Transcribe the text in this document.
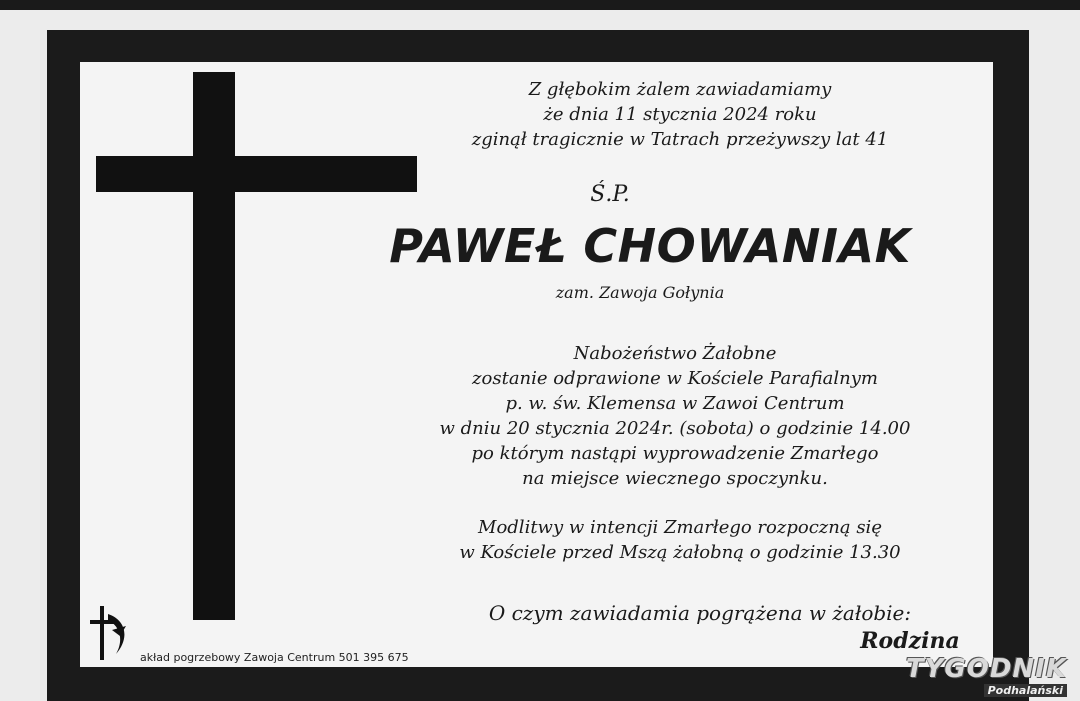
Z głębokim żalem zawiadamiamy
że dnia 11 stycznia 2024 roku
zginął tragicznie w Tatrach przeżywszy lat 41
Ś.P.
PAWEŁ CHOWANIAK
zam. Zawoja Gołynia
Nabożeństwo Żałobne
zostanie odprawione w Kościele Parafialnym
p. w. św. Klemensa w Zawoi Centrum
w dniu 20 stycznia 2024r. (sobota) o godzinie 14.00
po którym nastąpi wyprowadzenie Zmarłego
na miejsce wiecznego spoczynku.
Modlitwy w intencji Zmarłego rozpoczną się
w Kościele przed Mszą żałobną o godzinie 13.30
O czym zawiadamia pogrążena w żałobie:
Rodzina
akład pogrzebowy Zawoja Centrum 501 395 675	TYGODNIK
Podhalański
